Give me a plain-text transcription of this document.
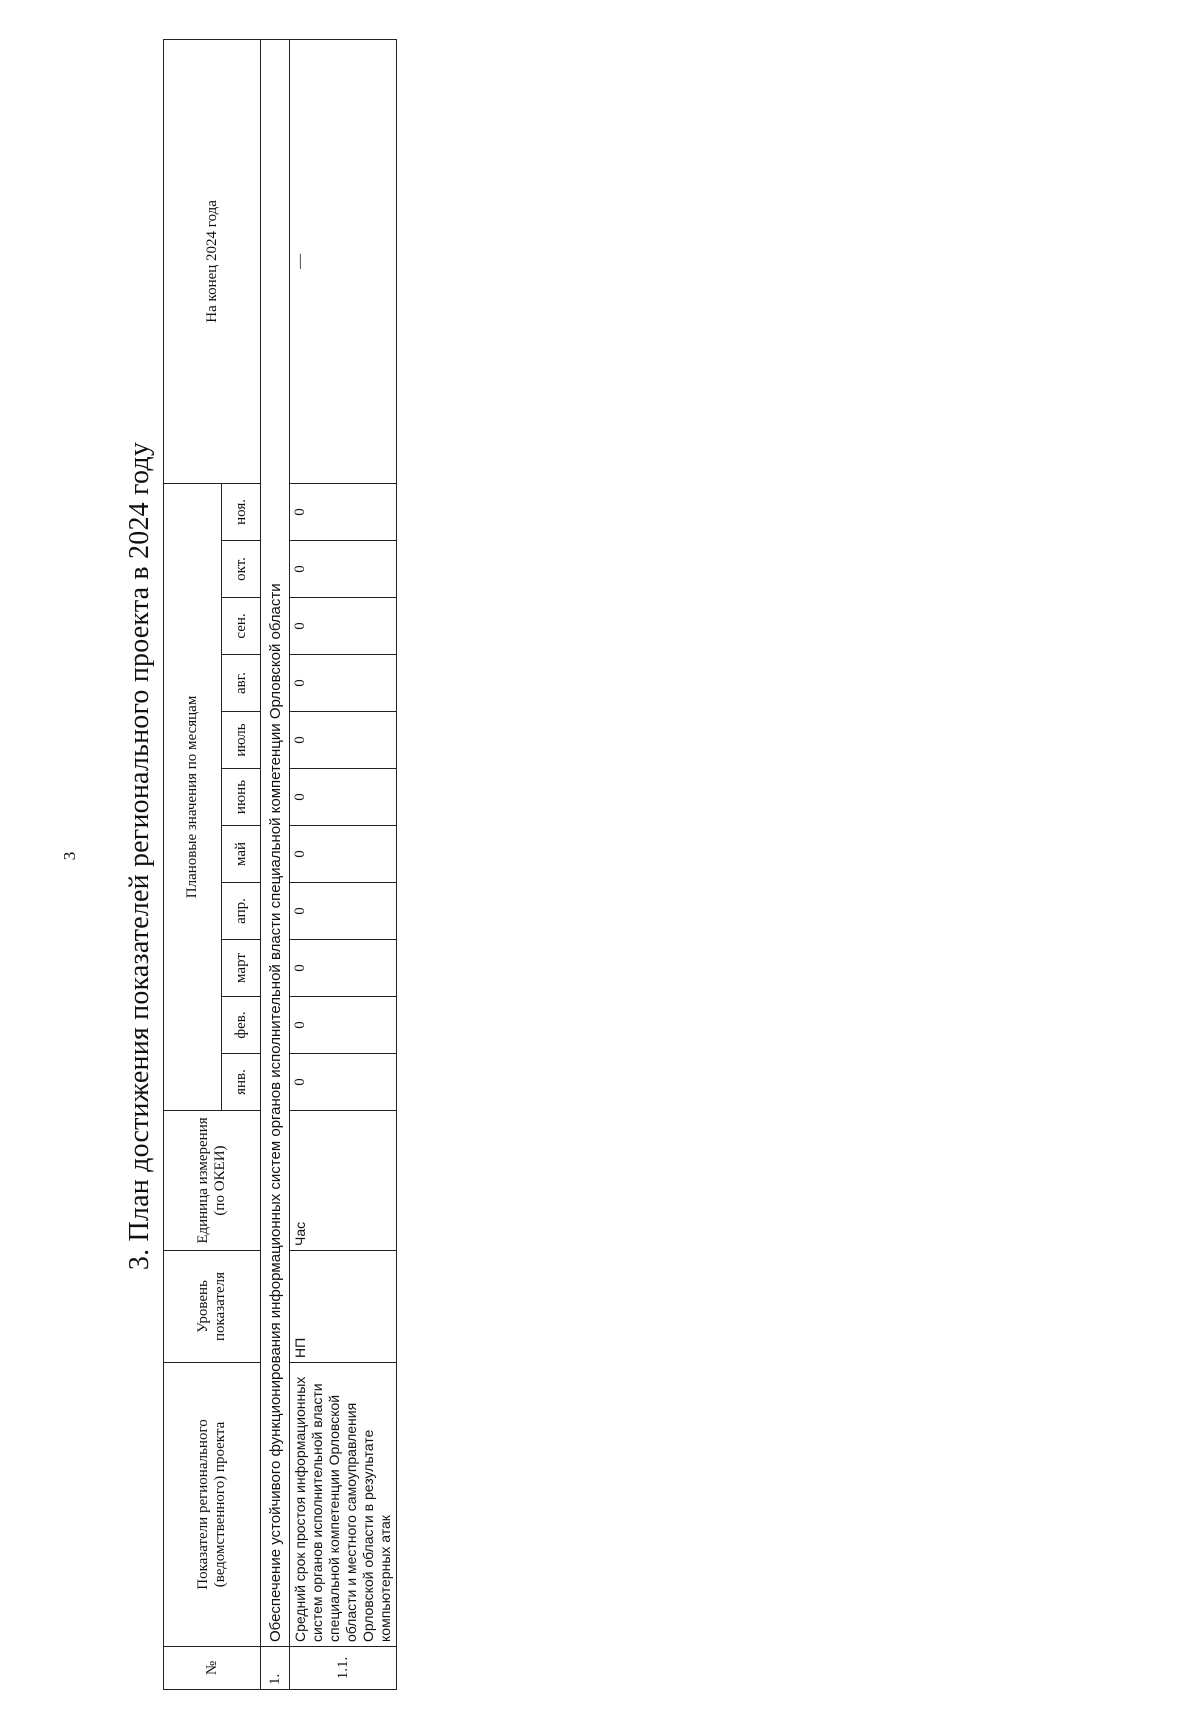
3 3. План достижения показателей регионального проекта в 2024 году
№	Показатели регионального (ведомственного) проекта	Уровень показателя	Единица измерения (по ОКЕИ)	Плановые значения по месяцам											На конец 2024 года
				янв.	фев.	март	апр.	май	июнь	июль	авг.	сен.	окт.	ноя.	
1.	Обеспечение устойчивого функционирования информационных систем органов исполнительной власти специальной компетенции Орловской области														
1.1.	Средний срок простоя информационных систем органов исполнительной власти специальной компетенции Орловской области и местного самоуправления Орловской области в результате компьютерных атак	НП	Час	0	0	0	0	0	0	0	0	0	0	0	—
